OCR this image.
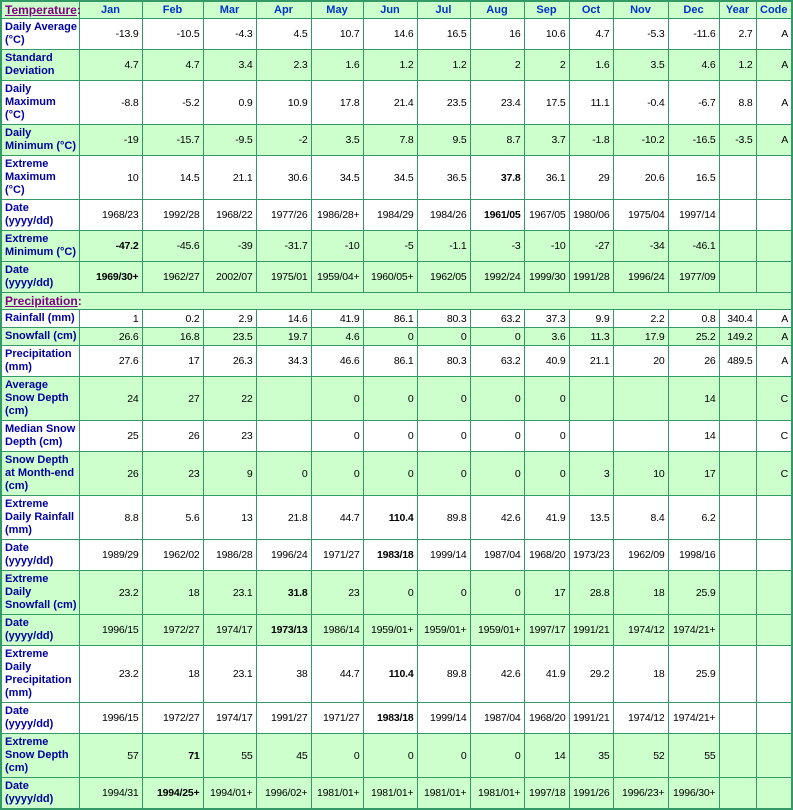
Temperature:	Jan	Feb	Mar	Apr	May	Jun	Jul	Aug	Sep	Oct	Nov	Dec	Year	Code
Daily Average (°C)	-13.9	-10.5	-4.3	4.5	10.7	14.6	16.5	16	10.6	4.7	-5.3	-11.6	2.7	A
Standard Deviation	4.7	4.7	3.4	2.3	1.6	1.2	1.2	2	2	1.6	3.5	4.6	1.2	A
Daily Maximum (°C)	-8.8	-5.2	0.9	10.9	17.8	21.4	23.5	23.4	17.5	11.1	-0.4	-6.7	8.8	A
Daily Minimum (°C)	-19	-15.7	-9.5	-2	3.5	7.8	9.5	8.7	3.7	-1.8	-10.2	-16.5	-3.5	A
Extreme Maximum (°C)	10	14.5	21.1	30.6	34.5	34.5	36.5	37.8	36.1	29	20.6	16.5		
Date (yyyy/dd)	1968/23	1992/28	1968/22	1977/26	1986/28+	1984/29	1984/26	1961/05	1967/05	1980/06	1975/04	1997/14		
Extreme Minimum (°C)	-47.2	-45.6	-39	-31.7	-10	-5	-1.1	-3	-10	-27	-34	-46.1		
Date (yyyy/dd)	1969/30+	1962/27	2002/07	1975/01	1959/04+	1960/05+	1962/05	1992/24	1999/30	1991/28	1996/24	1977/09		
Precipitation:														
Rainfall (mm)	1	0.2	2.9	14.6	41.9	86.1	80.3	63.2	37.3	9.9	2.2	0.8	340.4	A
Snowfall (cm)	26.6	16.8	23.5	19.7	4.6	0	0	0	3.6	11.3	17.9	25.2	149.2	A
Precipitation (mm)	27.6	17	26.3	34.3	46.6	86.1	80.3	63.2	40.9	21.1	20	26	489.5	A
Average Snow Depth (cm)	24	27	22		0	0	0	0	0			14		C
Median Snow Depth (cm)	25	26	23		0	0	0	0	0			14		C
Snow Depth at Month-end (cm)	26	23	9	0	0	0	0	0	0	3	10	17		C
Extreme Daily Rainfall (mm)	8.8	5.6	13	21.8	44.7	110.4	89.8	42.6	41.9	13.5	8.4	6.2		
Date (yyyy/dd)	1989/29	1962/02	1986/28	1996/24	1971/27	1983/18	1999/14	1987/04	1968/20	1973/23	1962/09	1998/16		
Extreme Daily Snowfall (cm)	23.2	18	23.1	31.8	23	0	0	0	17	28.8	18	25.9		
Date (yyyy/dd)	1996/15	1972/27	1974/17	1973/13	1986/14	1959/01+	1959/01+	1959/01+	1997/17	1991/21	1974/12	1974/21+		
Extreme Daily Precipitation (mm)	23.2	18	23.1	38	44.7	110.4	89.8	42.6	41.9	29.2	18	25.9		
Date (yyyy/dd)	1996/15	1972/27	1974/17	1991/27	1971/27	1983/18	1999/14	1987/04	1968/20	1991/21	1974/12	1974/21+		
Extreme Snow Depth (cm)	57	71	55	45	0	0	0	0	14	35	52	55		
Date (yyyy/dd)	1994/31	1994/25+	1994/01+	1996/02+	1981/01+	1981/01+	1981/01+	1981/01+	1997/18	1991/26	1996/23+	1996/30+		
